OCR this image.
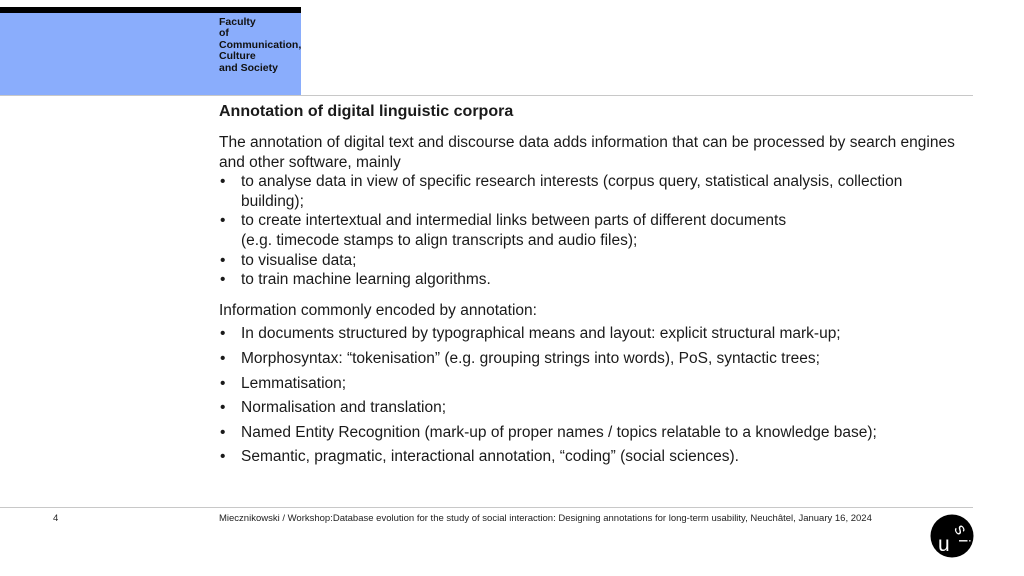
Faculty
of
Communication,
Culture
and Society
Annotation of digital linguistic corpora

The annotation of digital text and discourse data adds information that can be processed by search engines and other software, mainly

• to analyse data in view of specific research interests (corpus query, statistical analysis, collection building);
• to create intertextual and intermedial links between parts of different documents
(e.g. timecode stamps to align transcripts and audio files);
• to visualise data;
• to train machine learning algorithms.

Information commonly encoded by annotation:

• In documents structured by typographical means and layout: explicit structural mark-up;
• Morphosyntax: “tokenisation” (e.g. grouping strings into words), PoS, syntactic trees;
• Lemmatisation;
• Normalisation and translation;
• Named Entity Recognition (mark-up of proper names / topics relatable to a knowledge base);
• Semantic, pragmatic, interactional annotation, “coding” (social sciences).
4	Miecznikowski / Workshop:Database evolution for the study of social interaction: Designing annotations for long-term usability, Neuchâtel, January 16, 2024
u
s
i
